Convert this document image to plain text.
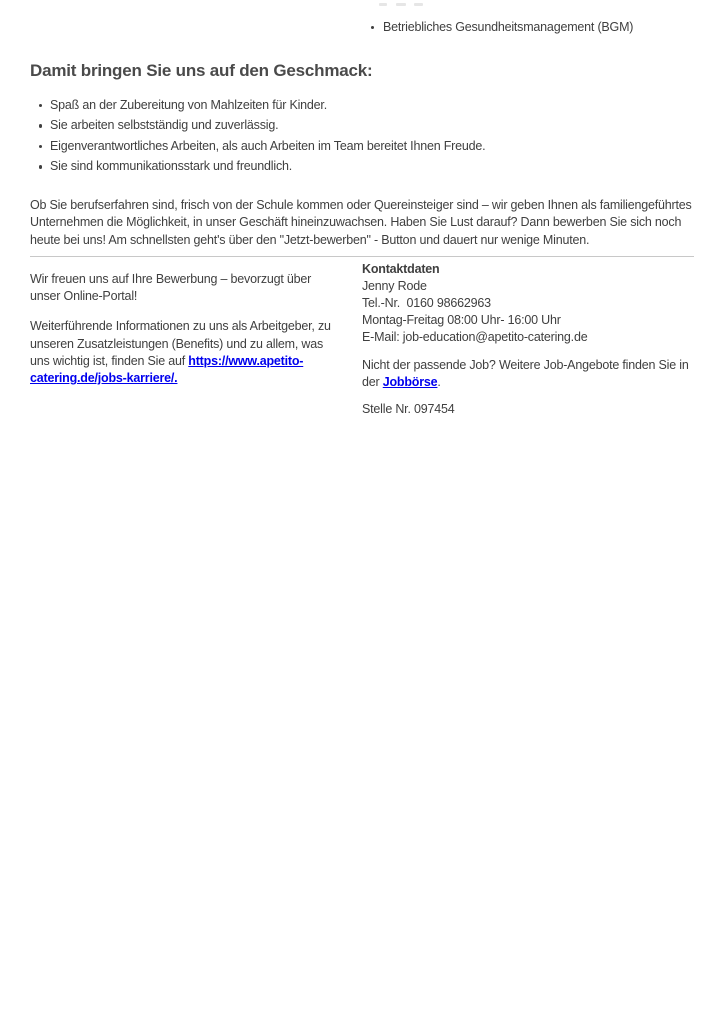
Betriebliches Gesundheitsmanagement (BGM)
Damit bringen Sie uns auf den Geschmack:
Spaß an der Zubereitung von Mahlzeiten für Kinder.
Sie arbeiten selbstständig und zuverlässig.
Eigenverantwortliches Arbeiten, als auch Arbeiten im Team bereitet Ihnen Freude.
Sie sind kommunikationsstark und freundlich.

Ob Sie berufserfahren sind, frisch von der Schule kommen oder Quereinsteiger sind – wir geben Ihnen als familiengeführtes Unternehmen die Möglichkeit, in unser Geschäft hineinzuwachsen. Haben Sie Lust darauf? Dann bewerben Sie sich noch heute bei uns! Am schnellsten geht's über den "Jetzt-bewerben" - Button und dauert nur wenige Minuten.

Wir freuen uns auf Ihre Bewerbung – bevorzugt über unser Online-Portal!

Weiterführende Informationen zu uns als Arbeitgeber, zu unseren Zusatzleistungen (Benefits) und zu allem, was uns wichtig ist, finden Sie auf https://www.apetito-catering.de/jobs-karriere/.

Kontaktdaten
Jenny Rode
Tel.-Nr.  0160 98662963
Montag-Freitag 08:00 Uhr- 16:00 Uhr
E-Mail: job-education@apetito-catering.de

Nicht der passende Job? Weitere Job-Angebote finden Sie in der Jobbörse.

Stelle Nr. 097454
